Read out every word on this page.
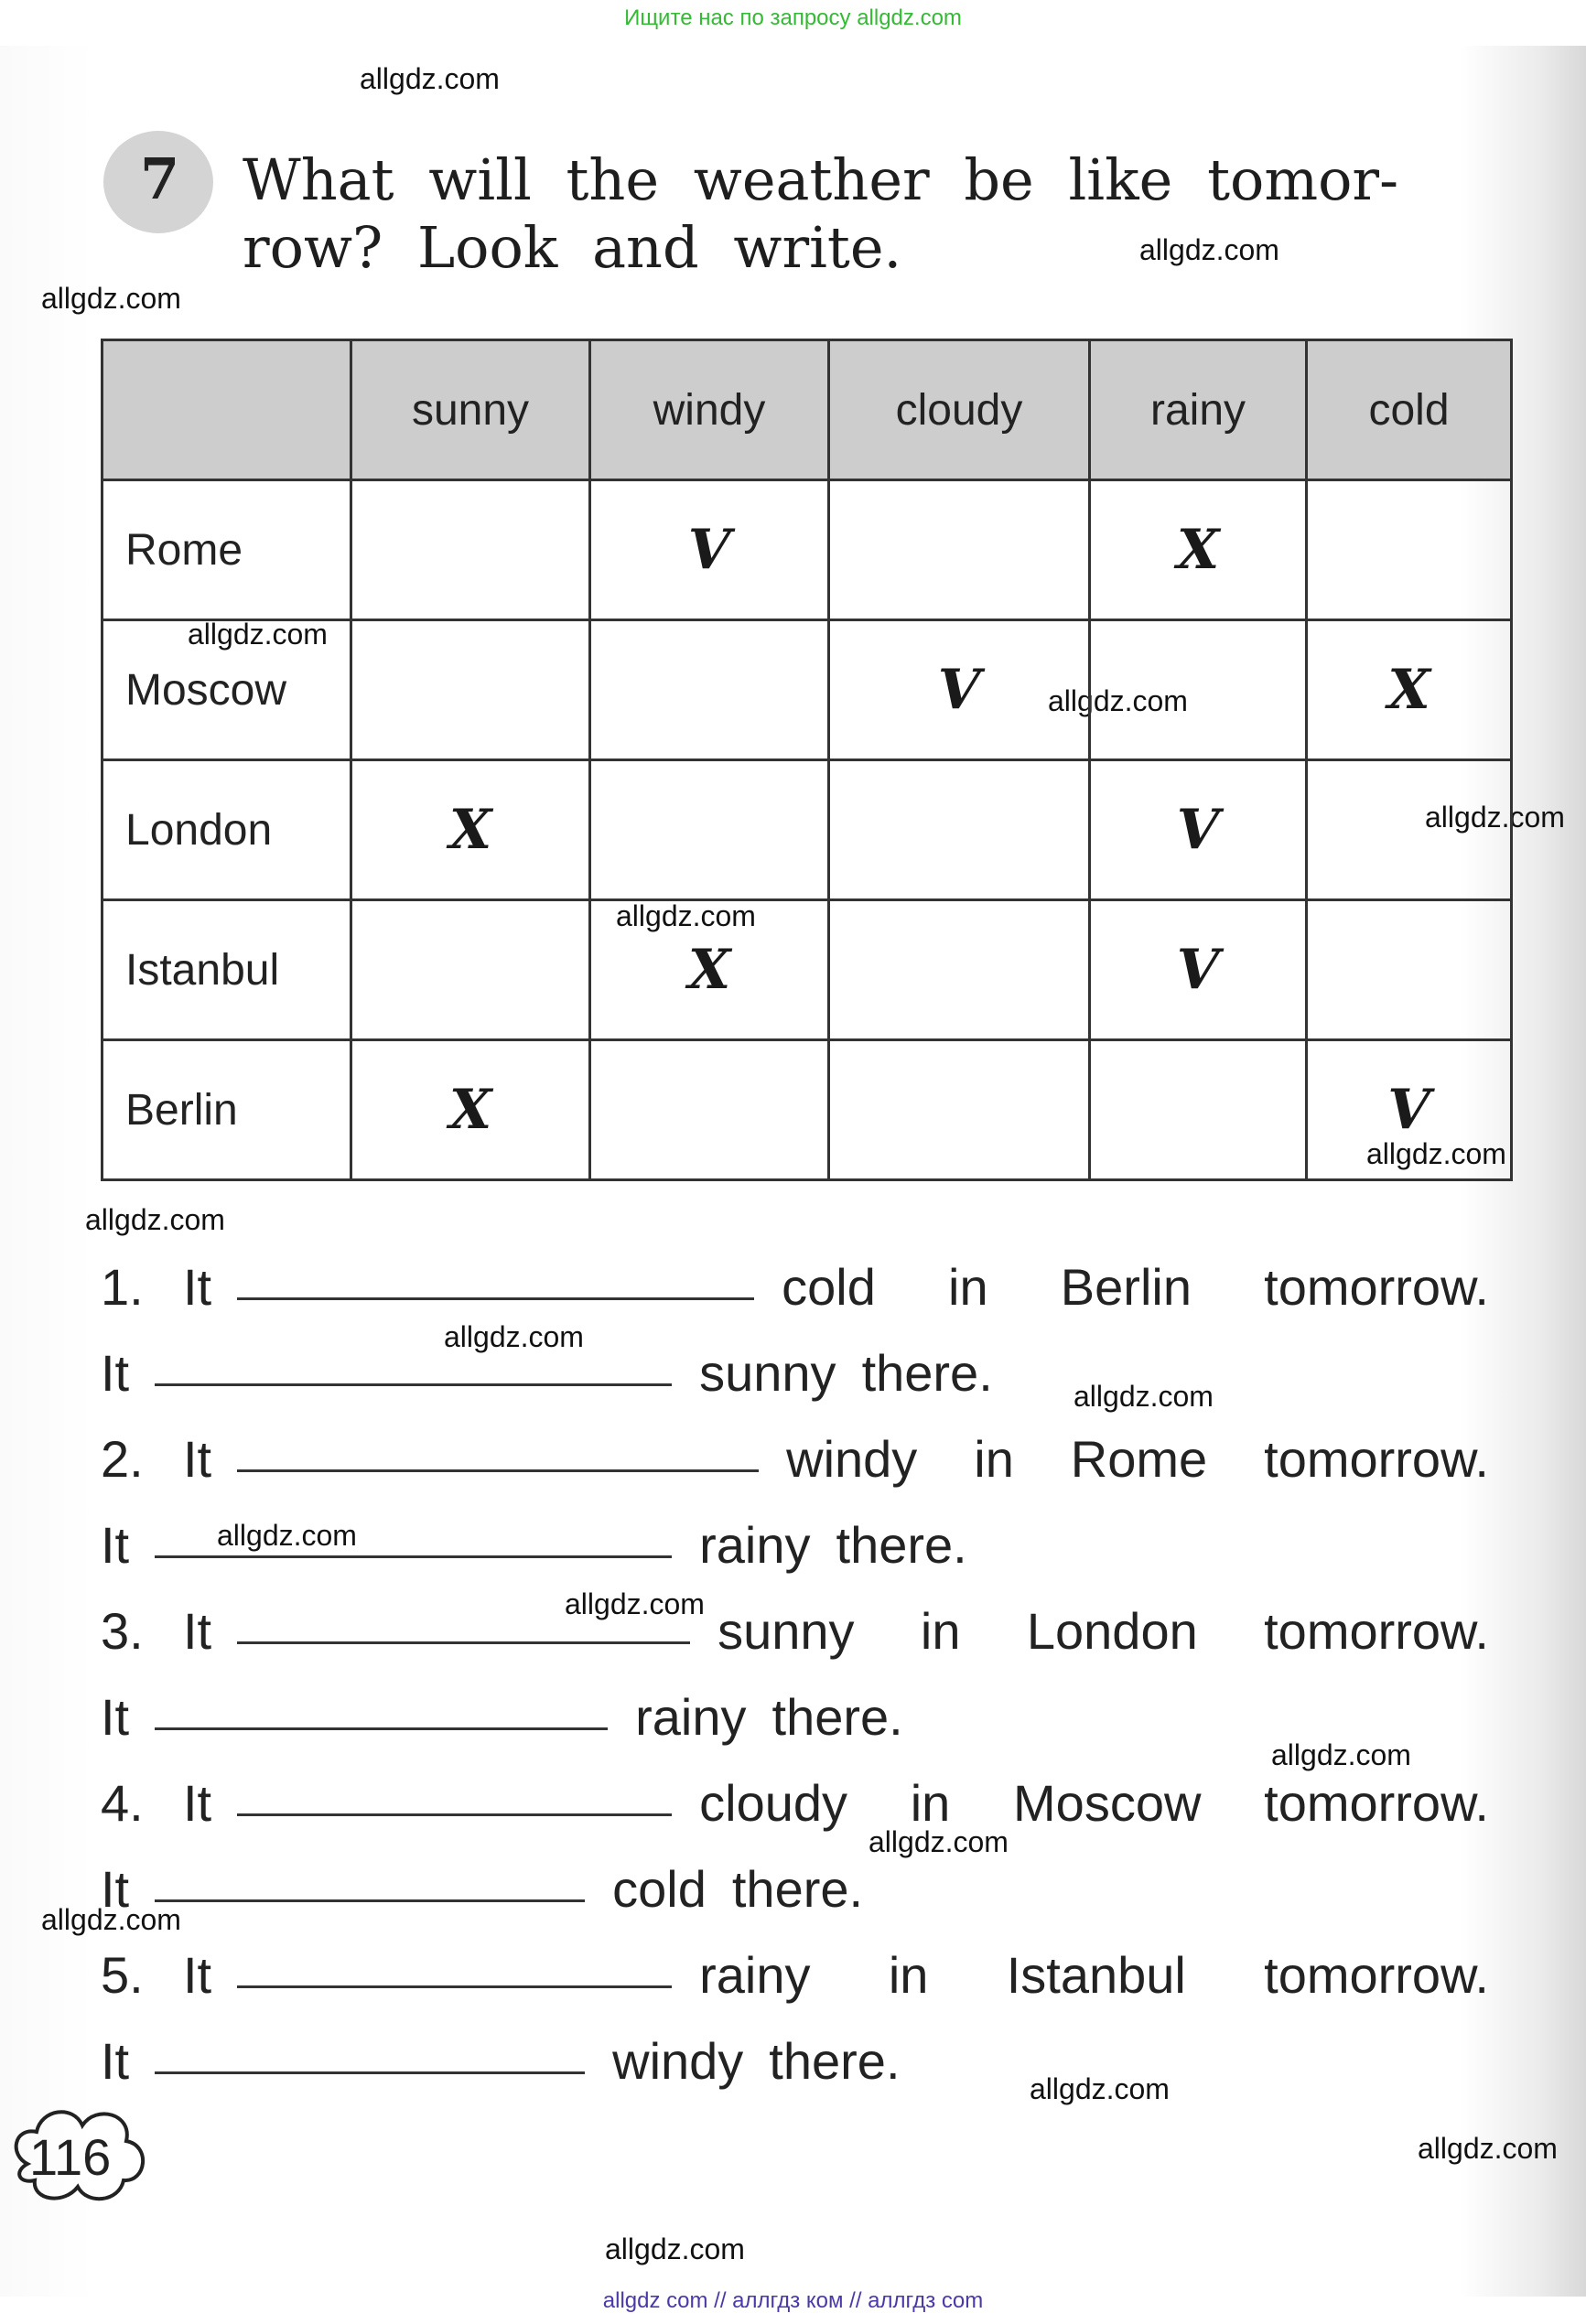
Ищите нас по запросу allgdz.com
allgdz.com
allgdz.com
allgdz.com
allgdz.com
allgdz.com
allgdz.com
allgdz.com
allgdz.com
allgdz.com
allgdz.com
allgdz.com
allgdz.com
allgdz.com
allgdz.com
allgdz.com
allgdz.com
allgdz.com
allgdz.com
allgdz.com
7 What will the weather be like tomor-row? Look and write.
	sunny	windy	cloudy	rainy	cold
Rome		V		X	
Moscow			V		X
London	X			V	
Istanbul		X		V	
Berlin	X				V
1. It	cold in Berlin tomorrow.
It	sunny there.
2. It	windy in Rome tomorrow.
It	rainy there.
3. It	sunny in London tomorrow.
It	rainy there.
4. It	cloudy in Moscow tomorrow.
It	cold there.
5. It	rainy in Istanbul tomorrow.
It	windy there.
116
allgdz com // аллгдз ком // аллгдз com
